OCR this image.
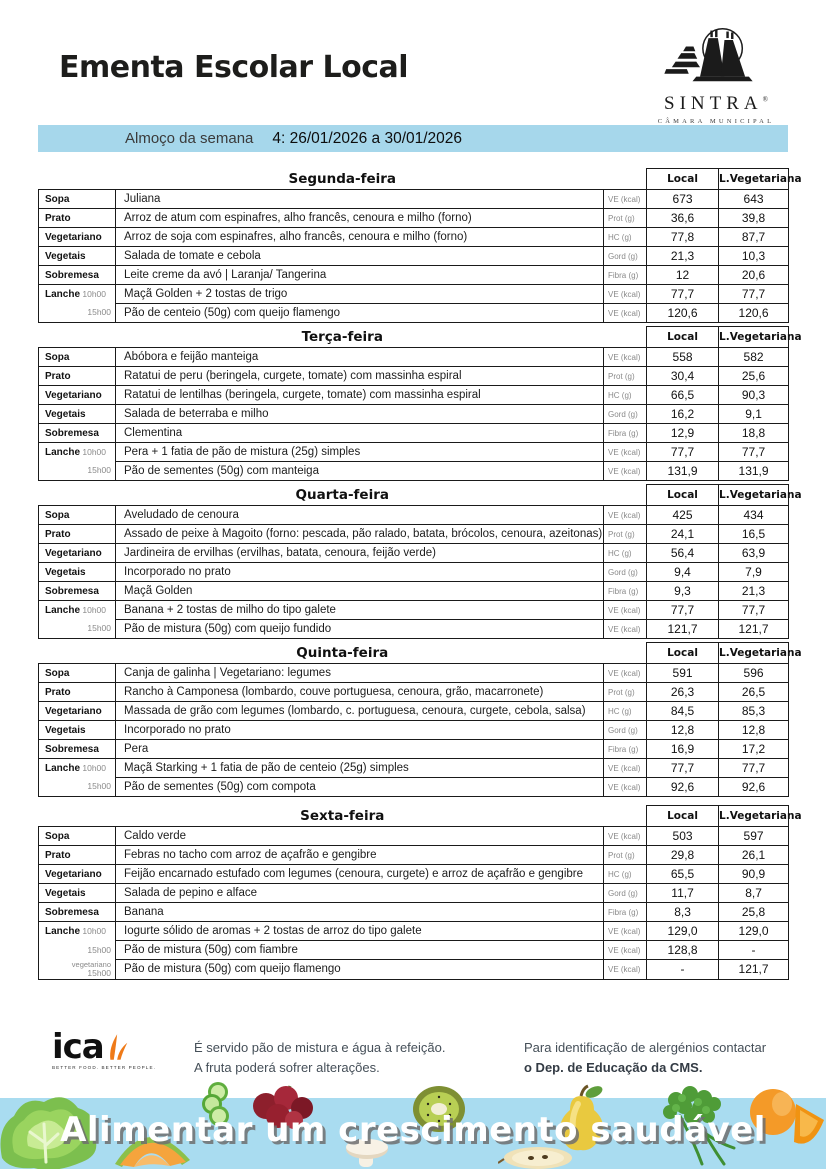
Ementa Escolar Local
SINTRA®
CÂMARA MUNICIPAL
Almoço da semana 4: 26/01/2026 a 30/01/2026
Segunda-feira			Local	L.Vegetariana
Sopa	Juliana	VE (kcal)	673	643
Prato	Arroz de atum com espinafres, alho francês, cenoura e milho (forno)	Prot (g)	36,6	39,8
Vegetariano	Arroz de soja com espinafres, alho francês, cenoura e milho (forno)	HC (g)	77,8	87,7
Vegetais	Salada de tomate e cebola	Gord (g)	21,3	10,3
Sobremesa	Leite creme da avó | Laranja/ Tangerina	Fibra (g)	12	20,6
Lanche 10h00	Maçã Golden + 2 tostas de trigo	VE (kcal)	77,7	77,7
15h00	Pão de centeio (50g) com queijo flamengo	VE (kcal)	120,6	120,6
Terça-feira			Local	L.Vegetariana
Sopa	Abóbora e feijão manteiga	VE (kcal)	558	582
Prato	Ratatui de peru (beringela, curgete, tomate) com massinha espiral	Prot (g)	30,4	25,6
Vegetariano	Ratatui de lentilhas (beringela, curgete, tomate) com massinha espiral	HC (g)	66,5	90,3
Vegetais	Salada de beterraba e milho	Gord (g)	16,2	9,1
Sobremesa	Clementina	Fibra (g)	12,9	18,8
Lanche 10h00	Pera + 1 fatia de pão de mistura (25g) simples	VE (kcal)	77,7	77,7
15h00	Pão de sementes (50g) com manteiga	VE (kcal)	131,9	131,9
Quarta-feira			Local	L.Vegetariana
Sopa	Aveludado de cenoura	VE (kcal)	425	434
Prato	Assado de peixe à Magoito (forno: pescada, pão ralado, batata, brócolos, cenoura, azeitonas)	Prot (g)	24,1	16,5
Vegetariano	Jardineira de ervilhas (ervilhas, batata, cenoura, feijão verde)	HC (g)	56,4	63,9
Vegetais	Incorporado no prato	Gord (g)	9,4	7,9
Sobremesa	Maçã Golden	Fibra (g)	9,3	21,3
Lanche 10h00	Banana + 2 tostas de milho do tipo galete	VE (kcal)	77,7	77,7
15h00	Pão de mistura (50g) com queijo fundido	VE (kcal)	121,7	121,7
Quinta-feira			Local	L.Vegetariana
Sopa	Canja de galinha | Vegetariano: legumes	VE (kcal)	591	596
Prato	Rancho à Camponesa (lombardo, couve portuguesa, cenoura, grão, macarronete)	Prot (g)	26,3	26,5
Vegetariano	Massada de grão com legumes (lombardo, c. portuguesa, cenoura, curgete, cebola, salsa)	HC (g)	84,5	85,3
Vegetais	Incorporado no prato	Gord (g)	12,8	12,8
Sobremesa	Pera	Fibra (g)	16,9	17,2
Lanche 10h00	Maçã Starking + 1 fatia de pão de centeio (25g) simples	VE (kcal)	77,7	77,7
15h00	Pão de sementes (50g) com compota	VE (kcal)	92,6	92,6
Sexta-feira			Local	L.Vegetariana
Sopa	Caldo verde	VE (kcal)	503	597
Prato	Febras no tacho com arroz de açafrão e gengibre	Prot (g)	29,8	26,1
Vegetariano	Feijão encarnado estufado com legumes (cenoura, curgete) e arroz de açafrão e gengibre	HC (g)	65,5	90,9
Vegetais	Salada de pepino e alface	Gord (g)	11,7	8,7
Sobremesa	Banana	Fibra (g)	8,3	25,8
Lanche 10h00	Iogurte sólido de aromas + 2 tostas de arroz do tipo galete	VE (kcal)	129,0	129,0
15h00	Pão de mistura (50g) com fiambre	VE (kcal)	128,8	-

vegetariano
15h00	Pão de mistura (50g) com queijo flamengo	VE (kcal)	-	121,7
ica
BETTER FOOD. BETTER PEOPLE.
É servido pão de mistura e água à refeição.
A fruta poderá sofrer alterações.
Para identificação de alergénios contactar
o Dep. de Educação da CMS.
Alimentar um crescimento saudável
